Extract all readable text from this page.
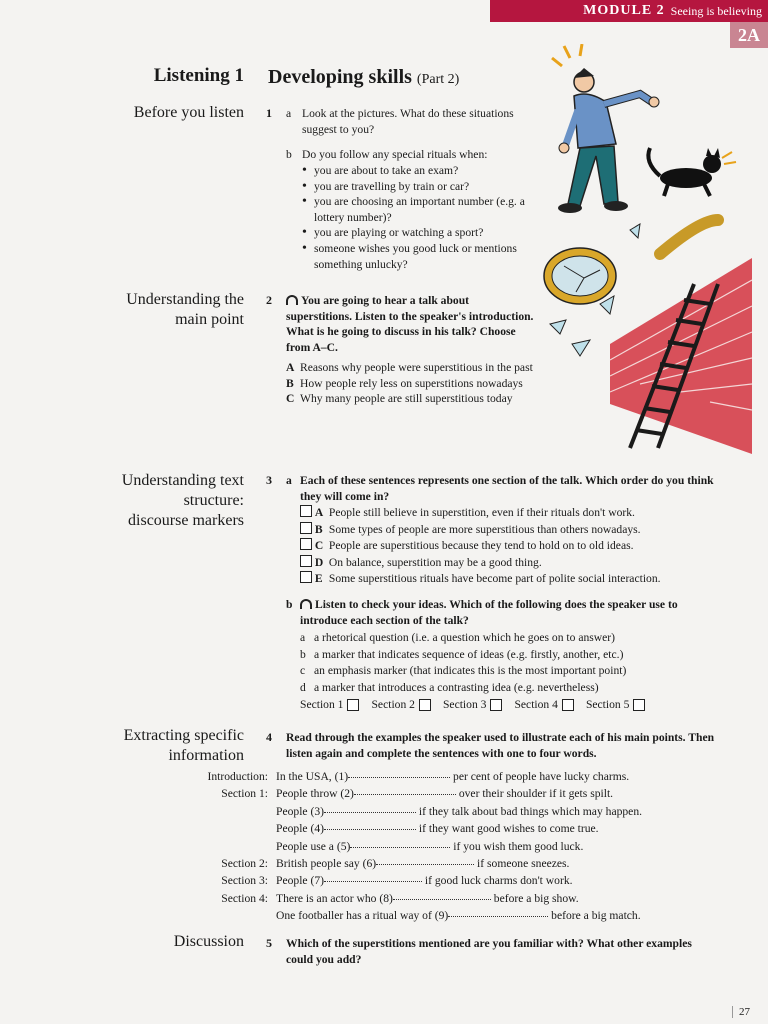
MODULE 2 Seeing is believing
2A
Listening 1 Developing skills (Part 2)
Before you listen
Understanding the
main point
Understanding text
structure:
discourse markers
Extracting specific
information
Discussion
1 a Look at the pictures. What do these situations suggest to you?
b Do you follow any special rituals when:
• you are about to take an exam?
• you are travelling by train or car?
• you are choosing an important number (e.g. a lottery number)?
• you are playing or watching a sport?
• someone wishes you good luck or mentions something unlucky?
2	You are going to hear a talk about superstitions. Listen to the speaker's introduction. What is he going to discuss in his talk? Choose from A–C.
A Reasons why people were superstitious in the past
B How people rely less on superstitions nowadays
C Why many people are still superstitious today
3 a Each of these sentences represents one section of the talk. Which order do you think they will come in?

A People still believe in superstition, even if their rituals don't work.

B Some types of people are more superstitious than others nowadays.

C People are superstitious because they tend to hold on to old ideas.

D On balance, superstition may be a good thing.

E Some superstitious rituals have become part of polite social interaction.
b	Listen to check your ideas. Which of the following does the speaker use to introduce each section of the talk?
a a rhetorical question (i.e. a question which he goes on to answer)
b a marker that indicates sequence of ideas (e.g. firstly, another, etc.)
c an emphasis marker (that indicates this is the most important point)
d a marker that introduces a contrasting idea (e.g. nevertheless)
Section 1 Section 2 Section 3 Section 4 Section 5
4 Read through the examples the speaker used to illustrate each of his main points. Then listen again and complete the sentences with one to four words.
Introduction: In the USA, (1)
	per cent of people have lucky charms.
Section 1: People throw (2)
	over their shoulder if it gets spilt.
People (3)
	if they talk about bad things which may happen.
People (4)
	if they want good wishes to come true.
People use a (5)
	if you wish them good luck.
Section 2: British people say (6)
	if someone sneezes.
Section 3: People (7)
	if good luck charms don't work.
Section 4: There is an actor who (8)
	before a big show.
One footballer has a ritual way of (9)
	before a big match.
5 Which of the superstitions mentioned are you familiar with? What other examples could you add?
27
